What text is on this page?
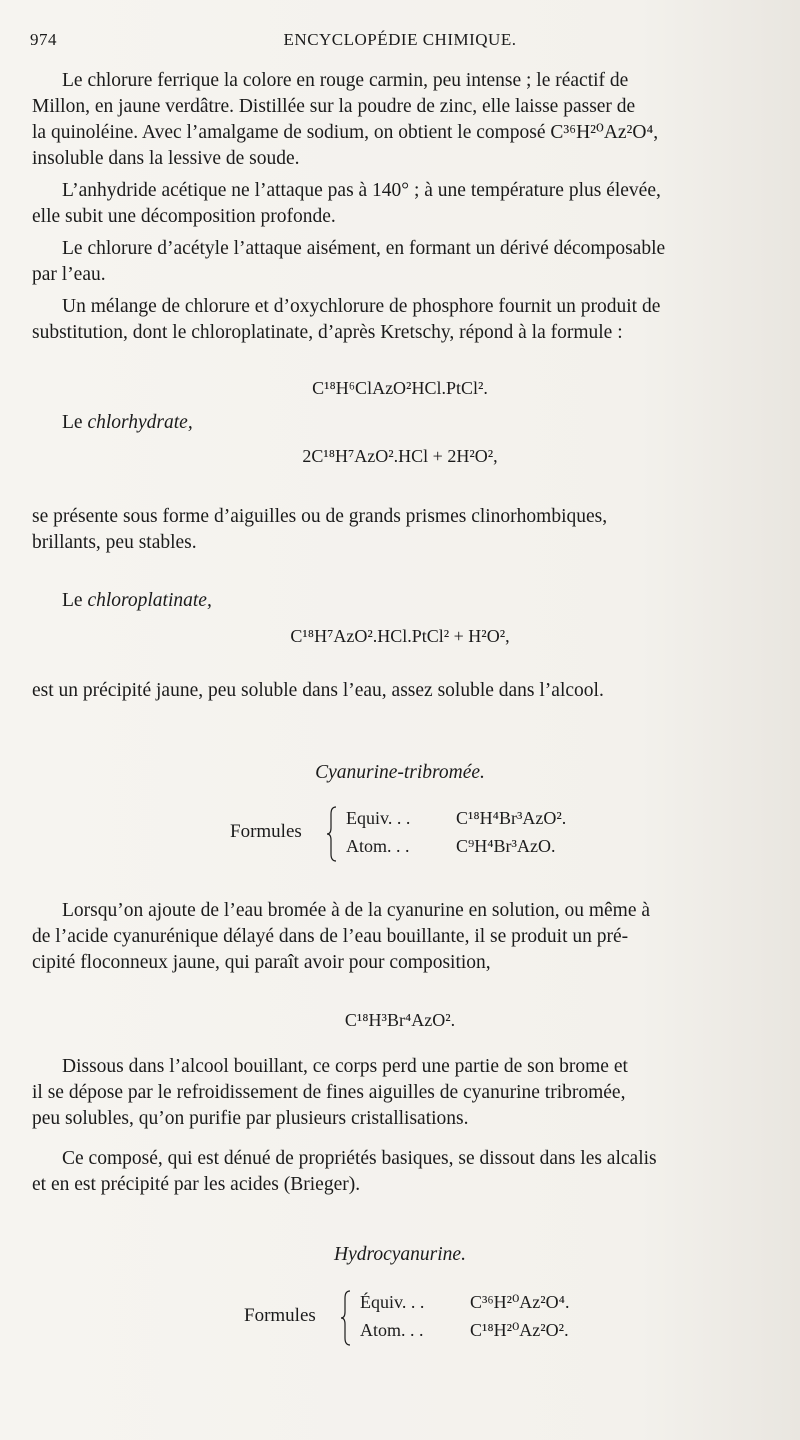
974	ENCYCLOPÉDIE CHIMIQUE.
Le chlorure ferrique la colore en rouge carmin, peu intense ; le réactif de
Millon, en jaune verdâtre. Distillée sur la poudre de zinc, elle laisse passer de
la quinoléine. Avec l’amalgame de sodium, on obtient le composé C³⁶H²⁰Az²O⁴,
insoluble dans la lessive de soude.
L’anhydride acétique ne l’attaque pas à 140° ; à une température plus élevée,
elle subit une décomposition profonde.
Le chlorure d’acétyle l’attaque aisément, en formant un dérivé décomposable
par l’eau.
Un mélange de chlorure et d’oxychlorure de phosphore fournit un produit de
substitution, dont le chloroplatinate, d’après Kretschy, répond à la formule :
C¹⁸H⁶ClAzO²HCl.PtCl².
Le chlorhydrate,
2C¹⁸H⁷AzO².HCl + 2H²O²,
se présente sous forme d’aiguilles ou de grands prismes clinorhombiques,
brillants, peu stables.
Le chloroplatinate,
C¹⁸H⁷AzO².HCl.PtCl² + H²O²,
est un précipité jaune, peu soluble dans l’eau, assez soluble dans l’alcool.
Cyanurine-tribromée.
Formules
Equiv. . .	C¹⁸H⁴Br³AzO².
Atom. . .	C⁹H⁴Br³AzO.
Lorsqu’on ajoute de l’eau bromée à de la cyanurine en solution, ou même à
de l’acide cyanurénique délayé dans de l’eau bouillante, il se produit un pré-
cipité floconneux jaune, qui paraît avoir pour composition,
C¹⁸H³Br⁴AzO².
Dissous dans l’alcool bouillant, ce corps perd une partie de son brome et
il se dépose par le refroidissement de fines aiguilles de cyanurine tribromée,
peu solubles, qu’on purifie par plusieurs cristallisations.
Ce composé, qui est dénué de propriétés basiques, se dissout dans les alcalis
et en est précipité par les acides (Brieger).
Hydrocyanurine.
Formules
Équiv. . .	C³⁶H²⁰Az²O⁴.
Atom. . .	C¹⁸H²⁰Az²O².
